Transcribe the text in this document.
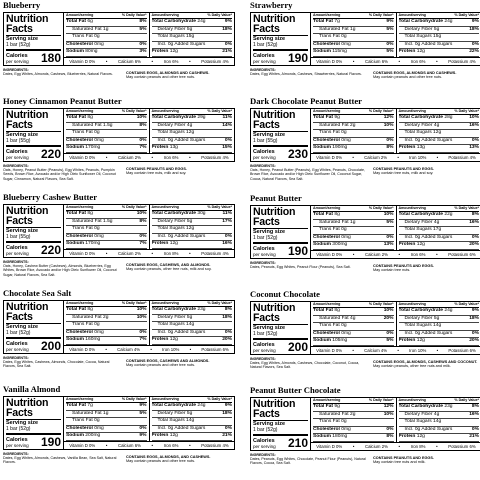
Blueberry
Nutrition Facts
Serving size
1 bar (52g)
Calories
per serving 180
Amount/serving	% Daily Value*
Total Fat 6g	8%
Saturated Fat 1g	5%
Trans Fat 0g
Cholesterol 0mg	0%
Sodium 80mg	3%
Amount/serving	% Daily Value*
Total Carbohydrate 24g	9%
Dietary Fiber 5g	18%
Total Sugars 15g
Incl. 0g Added Sugars	0%
Protein 12g	21%
Vitamin D 0% • Calcium 6% • Iron 6% • Potassium 4%
INGREDIENTS:
Dates, Egg Whites, Almonds, Cashews, Blueberries, Natural Flavors.	CONTAINS EGGS, ALMONDS AND CASHEWS.
May contain peanuts and other tree nuts.
Honey Cinnamon Peanut Butter
Nutrition Facts
Serving size
1 bar (55g)
Calories
per serving 220
Amount/serving	% Daily Value*
Total Fat 8g	10%
Saturated Fat 1.5g	8%
Trans Fat 0g
Cholesterol 0mg	0%
Sodium 170mg	7%
Amount/serving	% Daily Value*
Total Carbohydrate 29g	11%
Dietary Fiber 4g	14%
Total Sugars 12g
Incl. 0g Added Sugars	0%
Protein 13g	15%
Vitamin D 0% • Calcium 2% • Iron 6% • Potassium 4%
INGREDIENTS:
Oats, Honey, Peanut Butter (Peanuts), Egg Whites, Peanuts, Pumpkin Seeds, Brown Rice, Avocado and/or High Oleic Sunflower Oil, Coconut Sugar, Cinnamon, Natural Flavors, Sea Salt.
CONTAINS PEANUTS AND EGGS.
May contain tree nuts, milk and soy.
Blueberry Cashew Butter
Nutrition Facts
Serving size
1 bar (55g)
Calories
per serving 220
Amount/serving	% Daily Value*
Total Fat 8g	10%
Saturated Fat 1.5g	8%
Trans Fat 0g
Cholesterol 0mg	0%
Sodium 170mg	7%
Amount/serving	% Daily Value*
Total Carbohydrate 30g	11%
Dietary Fiber 5g	17%
Total Sugars 12g
Incl. 0g Added Sugars	0%
Protein 12g	16%
Vitamin D 0% • Calcium 2% • Iron 8% • Potassium 4%
INGREDIENTS:
Oats, Honey, Cashew Butter (Cashews), Almonds, Blueberries, Egg Whites, Brown Rice, Avocado and/or High Oleic Sunflower Oil, Coconut Sugar, Natural Flavors, Sea Salt.
CONTAINS EGGS, CASHEWS, AND ALMONDS.
May contain peanuts, other tree nuts, milk and soy.
Chocolate Sea Salt
Nutrition Facts
Serving size
1 bar (52g)
Calories
per serving 200
Amount/serving	% Daily Value*
Total Fat 8g	10%
Saturated Fat 2g	10%
Trans Fat 0g
Cholesterol 0mg	0%
Sodium 160mg	7%
Amount/serving	% Daily Value*
Total Carbohydrate 23g	8%
Dietary Fiber 5g	18%
Total Sugars 14g
Incl. 0g Added Sugars	0%
Protein 12g	20%
Vitamin D 0% • Calcium 4% • Iron 10% • Potassium 6%
INGREDIENTS:
Dates, Egg Whites, Cashews, Almonds, Chocolate, Cocoa, Natural Flavors, Sea Salt.
CONTAINS EGGS, CASHEWS AND ALMONDS.
May contain peanuts and other tree nuts.
Vanilla Almond
Nutrition Facts
Serving size
1 bar (52g)
Calories
per serving 190
Amount/serving	% Daily Value*
Total Fat 7g	9%
Saturated Fat 1g	5%
Trans Fat 0g
Cholesterol 0mg	0%
Sodium 200mg	9%
Amount/serving	% Daily Value*
Total Carbohydrate 24g	9%
Dietary Fiber 5g	18%
Total Sugars 14g
Incl. 0g Added Sugars	0%
Protein 12g	21%
Vitamin D 0% • Calcium 6% • Iron 6% • Potassium 4%
INGREDIENTS:
Dates, Egg Whites, Almonds, Cashews, Vanilla Bean, Sea Salt, Natural Flavors.
CONTAINS EGGS, ALMONDS, AND CASHEWS.
May contain peanuts and other tree nuts.
Strawberry
Nutrition Facts
Serving size
1 bar (52g)
Calories
per serving 190
Amount/serving	% Daily Value*
Total Fat 7g	9%
Saturated Fat 1g	5%
Trans Fat 0g
Cholesterol 0mg	0%
Sodium 115mg	5%
Amount/serving	% Daily Value*
Total Carbohydrate 24g	9%
Dietary Fiber 5g	18%
Total Sugars 15g
Incl. 0g Added Sugars	0%
Protein 12g	22%
Vitamin D 0% • Calcium 6% • Iron 6% • Potassium 4%
INGREDIENTS:
Dates, Egg Whites, Almonds, Cashews, Strawberries, Natural Flavors.	CONTAINS EGGS, ALMONDS AND CASHEWS.
May contain peanuts and other tree nuts.
Dark Chocolate Peanut Butter
Nutrition Facts
Serving size
1 bar (55g)
Calories
per serving 230
Amount/serving	% Daily Value*
Total Fat 9g	12%
Saturated Fat 2g	10%
Trans Fat 0g
Cholesterol 0mg	0%
Sodium 190mg	8%
Amount/serving	% Daily Value*
Total Carbohydrate 28g	10%
Dietary Fiber 4g	16%
Total Sugars 12g
Incl. 0g Added Sugars	0%
Protein 13g	13%
Vitamin D 0% • Calcium 2% • Iron 10% • Potassium 4%
INGREDIENTS:
Oats, Honey, Peanut Butter (Peanuts), Egg Whites, Peanuts, Chocolate, Brown Rice, Avocado and/or High Oleic Sunflower Oil, Coconut Sugar, Cocoa, Natural Flavors, Sea Salt.
CONTAINS PEANUTS AND EGGS.
May contain tree nuts, milk and soy.
Peanut Butter
Nutrition Facts
Serving size
1 bar (52g)
Calories
per serving 190
Amount/serving	% Daily Value*
Total Fat 8g	10%
Saturated Fat 1g	5%
Trans Fat 0g
Cholesterol 0mg	0%
Sodium 300mg	13%
Amount/serving	% Daily Value*
Total Carbohydrate 22g	8%
Dietary Fiber 4g	16%
Total Sugars 17g
Incl. 0g Added Sugars	0%
Protein 12g	20%
Vitamin D 0% • Calcium 2% • Iron 6% • Potassium 6%
INGREDIENTS:
Dates, Peanuts, Egg Whites, Peanut Flour (Peanuts), Sea Salt.	CONTAINS PEANUTS AND EGGS.
May contain tree nuts.
Coconut Chocolate
Nutrition Facts
Serving size
1 bar (52g)
Calories
per serving 200
Amount/serving	% Daily Value*
Total Fat 8g	10%
Saturated Fat 4g	20%
Trans Fat 0g
Cholesterol 0mg	0%
Sodium 105mg	5%
Amount/serving	% Daily Value*
Total Carbohydrate 24g	9%
Dietary Fiber 5g	18%
Total Sugars 14g
Incl. 0g Added Sugars	0%
Protein 12g	20%
Vitamin D 0% • Calcium 4% • Iron 10% • Potassium 6%
INGREDIENTS:
Dates, Egg Whites, Almonds, Cashews, Chocolate, Coconut, Cocoa, Natural Flavors, Sea Salt.
CONTAINS EGGS, ALMONDS, CASHEWS AND COCONUT.
May contain peanuts, other tree nuts and milk.
Peanut Butter Chocolate
Nutrition Facts
Serving size
1 bar (52g)
Calories
per serving 210
Amount/serving	% Daily Value*
Total Fat 9g	12%
Saturated Fat 2g	10%
Trans Fat 0g
Cholesterol 0mg	0%
Sodium 180mg	8%
Amount/serving	% Daily Value*
Total Carbohydrate 23g	8%
Dietary Fiber 4g	16%
Total Sugars 14g
Incl. 0g Added Sugars	0%
Protein 12g	21%
Vitamin D 0% • Calcium 2% • Iron 8% • Potassium 6%
INGREDIENTS:
Dates, Peanuts, Egg Whites, Chocolate, Peanut Flour (Peanuts), Natural Flavors, Cocoa, Sea Salt.
CONTAINS PEANUTS AND EGGS.
May contain tree nuts and milk.
